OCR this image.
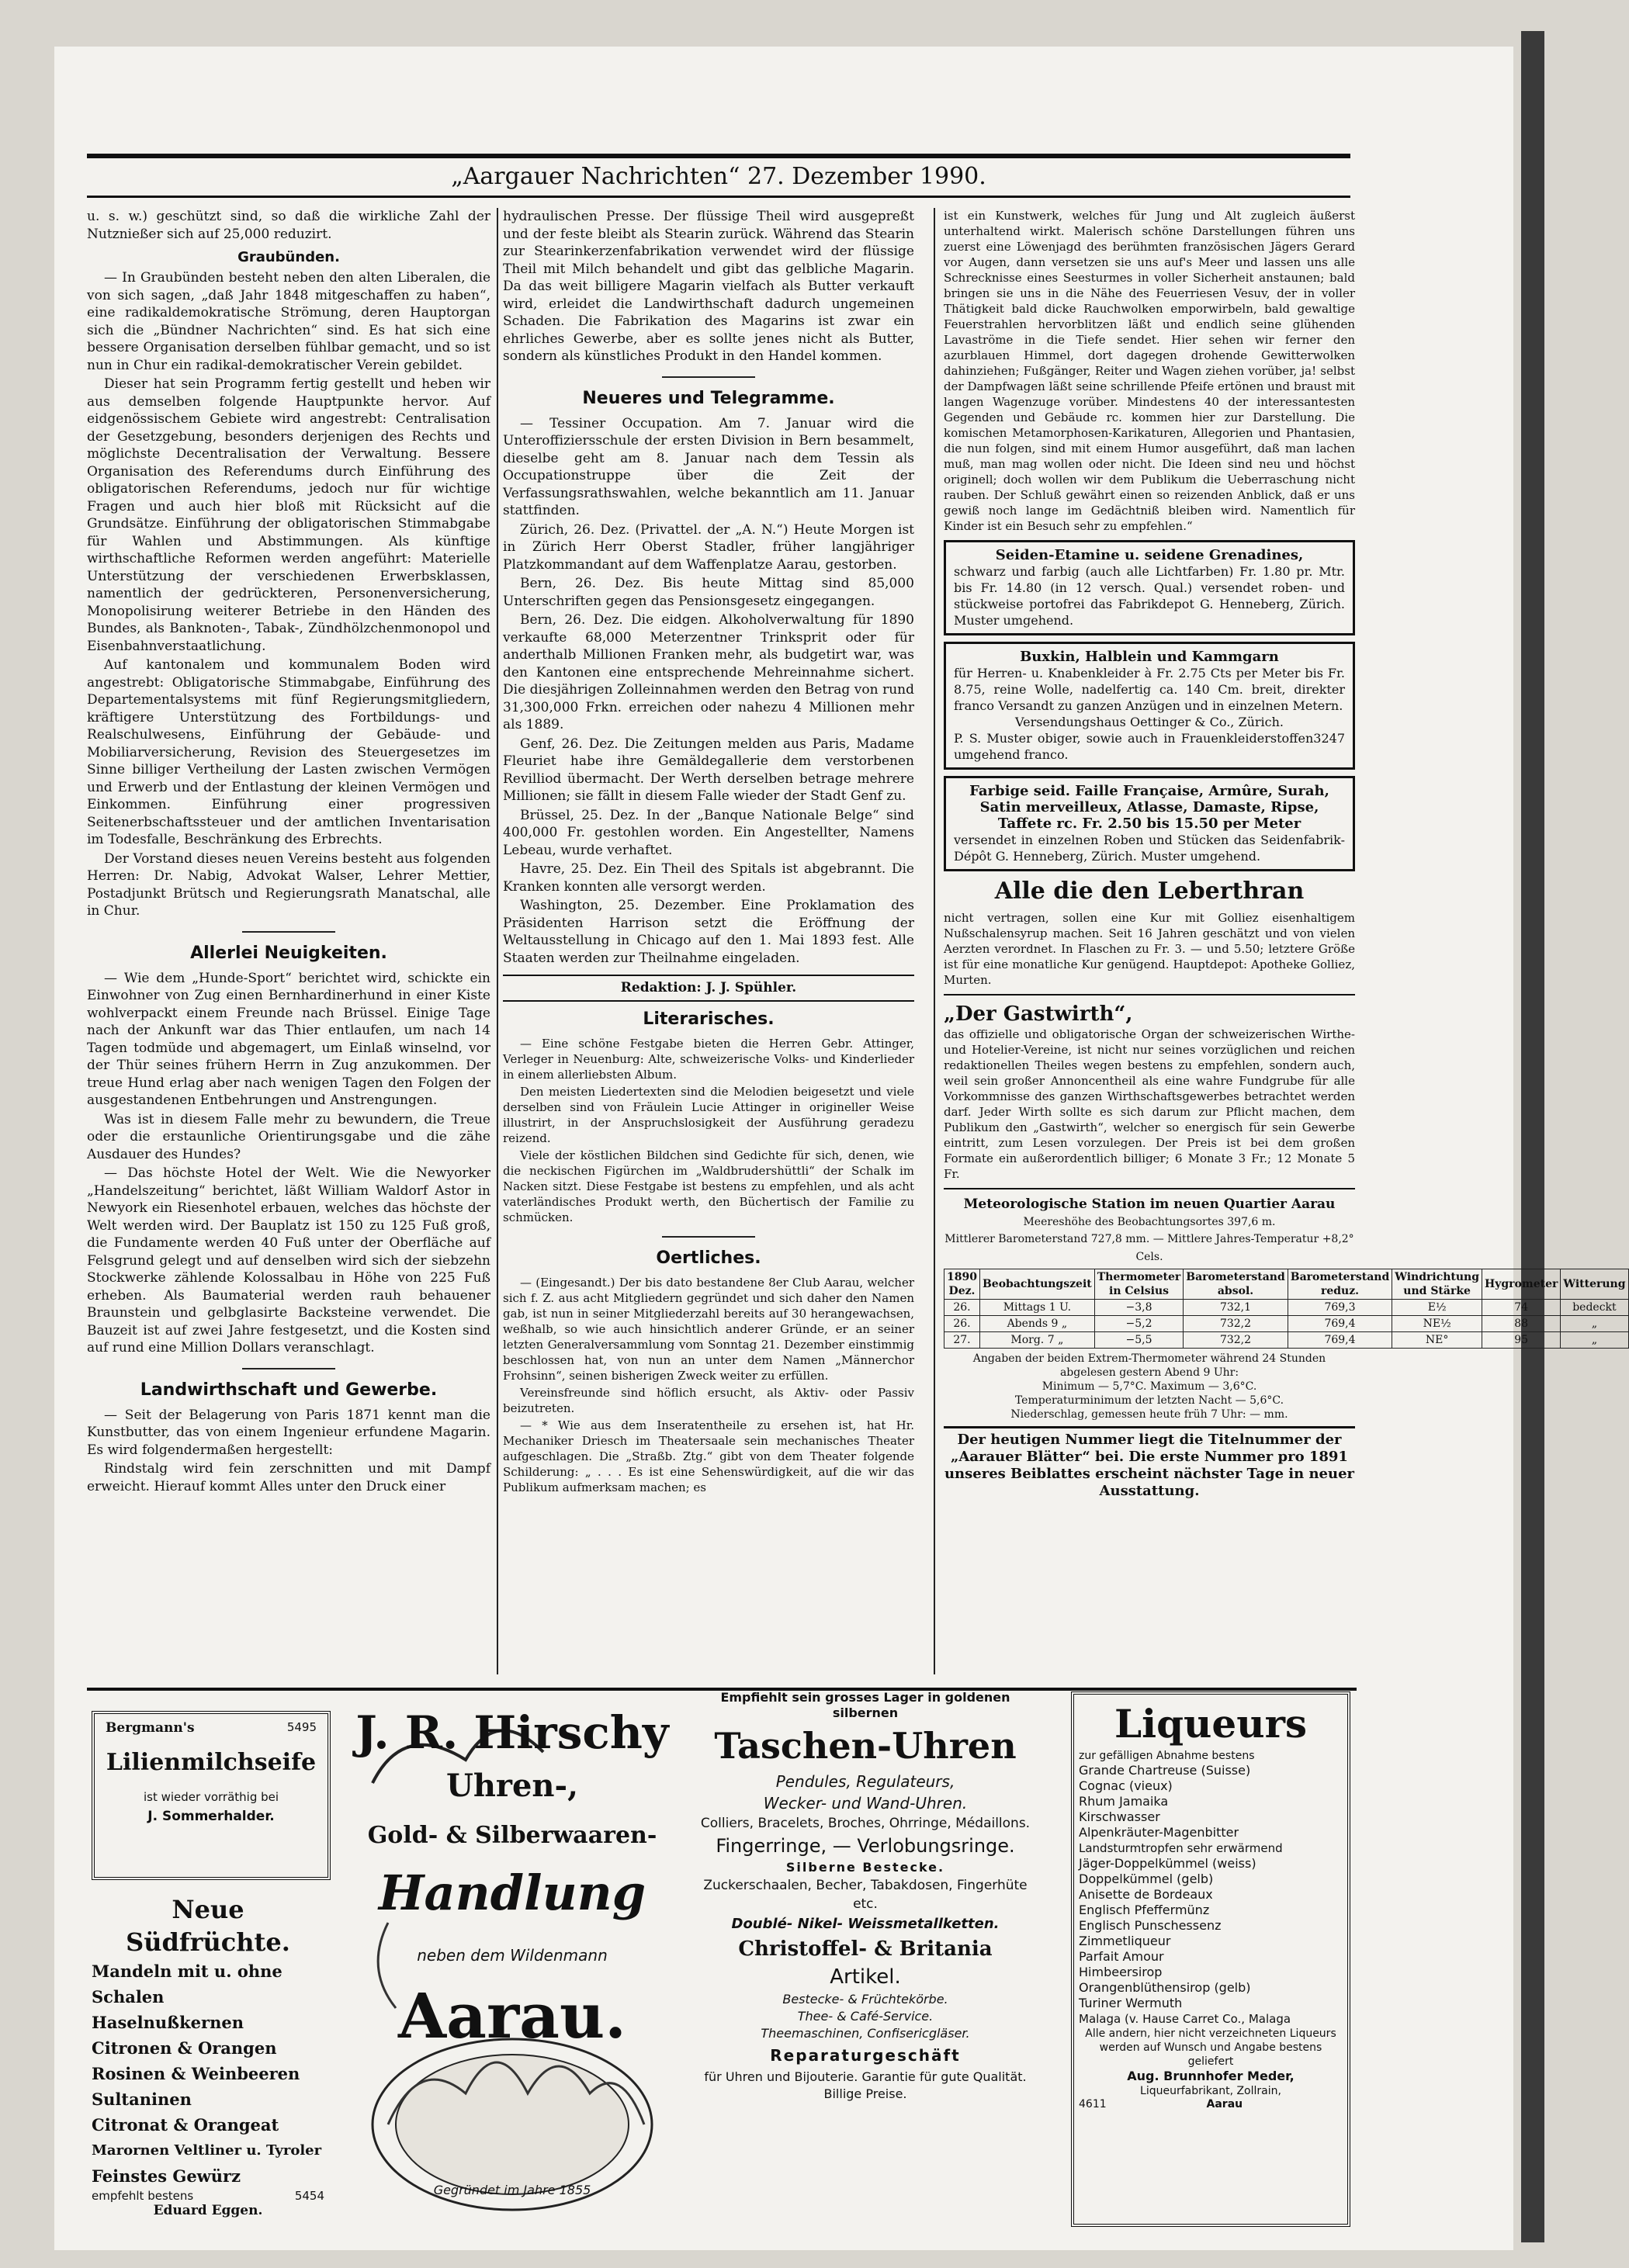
„Aargauer Nachrichten“ 27. Dezember 1990.

u. s. w.) geschützt sind, so daß die wirkliche Zahl der Nutznießer sich auf 25,000 reduzirt.

Graubünden.

— In Graubünden besteht neben den alten Liberalen, die von sich sagen, „daß Jahr 1848 mitgeschaffen zu haben“, eine radikaldemokratische Strömung, deren Hauptorgan sich die „Bündner Nachrichten“ sind. Es hat sich eine bessere Organisation derselben fühlbar gemacht, und so ist nun in Chur ein radikal-demokratischer Verein gebildet.

Dieser hat sein Programm fertig gestellt und heben wir aus demselben folgende Hauptpunkte hervor. Auf eidgenössischem Gebiete wird angestrebt: Centralisation der Gesetzgebung, besonders derjenigen des Rechts und möglichste Decentralisation der Verwaltung. Bessere Organisation des Referendums durch Einführung des obligatorischen Referendums, jedoch nur für wichtige Fragen und auch hier bloß mit Rücksicht auf die Grundsätze. Einführung der obligatorischen Stimmabgabe für Wahlen und Abstimmungen. Als künftige wirthschaftliche Reformen werden angeführt: Materielle Unterstützung der verschiedenen Erwerbsklassen, namentlich der gedrückteren, Personenversicherung, Monopolisirung weiterer Betriebe in den Händen des Bundes, als Banknoten-, Tabak-, Zündhölzchenmonopol und Eisenbahnverstaatlichung.

Auf kantonalem und kommunalem Boden wird angestrebt: Obligatorische Stimmabgabe, Einführung des Departementalsystems mit fünf Regierungsmitgliedern, kräftigere Unterstützung des Fortbildungs- und Realschulwesens, Einführung der Gebäude- und Mobiliarversicherung, Revision des Steuergesetzes im Sinne billiger Vertheilung der Lasten zwischen Vermögen und Erwerb und der Entlastung der kleinen Vermögen und Einkommen. Einführung einer progressiven Seitenerbschaftssteuer und der amtlichen Inventarisation im Todesfalle, Beschränkung des Erbrechts.

Der Vorstand dieses neuen Vereins besteht aus folgenden Herren: Dr. Nabig, Advokat Walser, Lehrer Mettier, Postadjunkt Brütsch und Regierungsrath Manatschal, alle in Chur.

Allerlei Neuigkeiten.

— Wie dem „Hunde-Sport“ berichtet wird, schickte ein Einwohner von Zug einen Bernhardinerhund in einer Kiste wohlverpackt einem Freunde nach Brüssel. Einige Tage nach der Ankunft war das Thier entlaufen, um nach 14 Tagen todmüde und abgemagert, um Einlaß winselnd, vor der Thür seines frühern Herrn in Zug anzukommen. Der treue Hund erlag aber nach wenigen Tagen den Folgen der ausgestandenen Entbehrungen und Anstrengungen.

Was ist in diesem Falle mehr zu bewundern, die Treue oder die erstaunliche Orientirungsgabe und die zähe Ausdauer des Hundes?

— Das höchste Hotel der Welt. Wie die Newyorker „Handelszeitung“ berichtet, läßt William Waldorf Astor in Newyork ein Riesenhotel erbauen, welches das höchste der Welt werden wird. Der Bauplatz ist 150 zu 125 Fuß groß, die Fundamente werden 40 Fuß unter der Oberfläche auf Felsgrund gelegt und auf denselben wird sich der siebzehn Stockwerke zählende Kolossalbau in Höhe von 225 Fuß erheben. Als Baumaterial werden rauh behauener Braunstein und gelbglasirte Backsteine verwendet. Die Bauzeit ist auf zwei Jahre festgesetzt, und die Kosten sind auf rund eine Million Dollars veranschlagt.

Landwirthschaft und Gewerbe.

— Seit der Belagerung von Paris 1871 kennt man die Kunstbutter, das von einem Ingenieur erfundene Magarin. Es wird folgendermaßen hergestellt:

Rindstalg wird fein zerschnitten und mit Dampf erweicht. Hierauf kommt Alles unter den Druck einer

hydraulischen Presse. Der flüssige Theil wird ausgepreßt und der feste bleibt als Stearin zurück. Während das Stearin zur Stearinkerzenfabrikation verwendet wird der flüssige Theil mit Milch behandelt und gibt das gelbliche Magarin. Da das weit billigere Magarin vielfach als Butter verkauft wird, erleidet die Landwirthschaft dadurch ungemeinen Schaden. Die Fabrikation des Magarins ist zwar ein ehrliches Gewerbe, aber es sollte jenes nicht als Butter, sondern als künstliches Produkt in den Handel kommen.

Neueres und Telegramme.

— Tessiner Occupation. Am 7. Januar wird die Unteroffiziersschule der ersten Division in Bern besammelt, dieselbe geht am 8. Januar nach dem Tessin als Occupationstruppe über die Zeit der Verfassungsrathswahlen, welche bekanntlich am 11. Januar stattfinden.

Zürich, 26. Dez. (Privattel. der „A. N.“) Heute Morgen ist in Zürich Herr Oberst Stadler, früher langjähriger Platzkommandant auf dem Waffenplatze Aarau, gestorben.

Bern, 26. Dez. Bis heute Mittag sind 85,000 Unterschriften gegen das Pensionsgesetz eingegangen.

Bern, 26. Dez. Die eidgen. Alkoholverwaltung für 1890 verkaufte 68,000 Meterzentner Trinksprit oder für anderthalb Millionen Franken mehr, als budgetirt war, was den Kantonen eine entsprechende Mehreinnahme sichert. Die diesjährigen Zolleinnahmen werden den Betrag von rund 31,300,000 Frkn. erreichen oder nahezu 4 Millionen mehr als 1889.

Genf, 26. Dez. Die Zeitungen melden aus Paris, Madame Fleuriet habe ihre Gemäldegallerie dem verstorbenen Revilliod übermacht. Der Werth derselben betrage mehrere Millionen; sie fällt in diesem Falle wieder der Stadt Genf zu.

Brüssel, 25. Dez. In der „Banque Nationale Belge“ sind 400,000 Fr. gestohlen worden. Ein Angestellter, Namens Lebeau, wurde verhaftet.

Havre, 25. Dez. Ein Theil des Spitals ist abgebrannt. Die Kranken konnten alle versorgt werden.

Washington, 25. Dezember. Eine Proklamation des Präsidenten Harrison setzt die Eröffnung der Weltausstellung in Chicago auf den 1. Mai 1893 fest. Alle Staaten werden zur Theilnahme eingeladen.

Redaktion: J. J. Spühler.
Literarisches.

— Eine schöne Festgabe bieten die Herren Gebr. Attinger, Verleger in Neuenburg: Alte, schweizerische Volks- und Kinderlieder in einem allerliebsten Album.

Den meisten Liedertexten sind die Melodien beigesetzt und viele derselben sind von Fräulein Lucie Attinger in origineller Weise illustrirt, in der Anspruchslosigkeit der Ausführung geradezu reizend.

Viele der köstlichen Bildchen sind Gedichte für sich, denen, wie die neckischen Figürchen im „Waldbrudershüttli“ der Schalk im Nacken sitzt. Diese Festgabe ist bestens zu empfehlen, und als acht vaterländisches Produkt werth, den Büchertisch der Familie zu schmücken.

Oertliches.

— (Eingesandt.) Der bis dato bestandene 8er Club Aarau, welcher sich f. Z. aus acht Mitgliedern gegründet und sich daher den Namen gab, ist nun in seiner Mitgliederzahl bereits auf 30 herangewachsen, weßhalb, so wie auch hinsichtlich anderer Gründe, er an seiner letzten Generalversammlung vom Sonntag 21. Dezember einstimmig beschlossen hat, von nun an unter dem Namen „Männerchor Frohsinn“, seinen bisherigen Zweck weiter zu erfüllen.

Vereinsfreunde sind höflich ersucht, als Aktiv- oder Passiv beizutreten.

— * Wie aus dem Inseratentheile zu ersehen ist, hat Hr. Mechaniker Driesch im Theatersaale sein mechanisches Theater aufgeschlagen. Die „Straßb. Ztg.“ gibt von dem Theater folgende Schilderung: „ . . . Es ist eine Sehenswürdigkeit, auf die wir das Publikum aufmerksam machen; es

ist ein Kunstwerk, welches für Jung und Alt zugleich äußerst unterhaltend wirkt. Malerisch schöne Darstellungen führen uns zuerst eine Löwenjagd des berühmten französischen Jägers Gerard vor Augen, dann versetzen sie uns auf's Meer und lassen uns alle Schrecknisse eines Seesturmes in voller Sicherheit anstaunen; bald bringen sie uns in die Nähe des Feuerriesen Vesuv, der in voller Thätigkeit bald dicke Rauchwolken emporwirbeln, bald gewaltige Feuerstrahlen hervorblitzen läßt und endlich seine glühenden Lavaströme in die Tiefe sendet. Hier sehen wir ferner den azurblauen Himmel, dort dagegen drohende Gewitterwolken dahinziehen; Fußgänger, Reiter und Wagen ziehen vorüber, ja! selbst der Dampfwagen läßt seine schrillende Pfeife ertönen und braust mit langen Wagenzuge vorüber. Mindestens 40 der interessantesten Gegenden und Gebäude rc. kommen hier zur Darstellung. Die komischen Metamorphosen-Karikaturen, Allegorien und Phantasien, die nun folgen, sind mit einem Humor ausgeführt, daß man lachen muß, man mag wollen oder nicht. Die Ideen sind neu und höchst originell; doch wollen wir dem Publikum die Ueberraschung nicht rauben. Der Schluß gewährt einen so reizenden Anblick, daß er uns gewiß noch lange im Gedächtniß bleiben wird. Namentlich für Kinder ist ein Besuch sehr zu empfehlen.“

Seiden-Etamine u. seidene Grenadines,
schwarz und farbig (auch alle Lichtfarben) Fr. 1.80 pr. Mtr. bis Fr. 14.80 (in 12 versch. Qual.) versendet roben- und stückweise portofrei das Fabrikdepot G. Henneberg, Zürich. Muster umgehend.
Buxkin, Halblein und Kammgarn
für Herren- u. Knabenkleider à Fr. 2.75 Cts per Meter bis Fr. 8.75, reine Wolle, nadelfertig ca. 140 Cm. breit, direkter franco Versandt zu ganzen Anzügen und in einzelnen Metern.
Versendungshaus Oettinger & Co., Zürich.
P. S. Muster obiger, sowie auch in Frauenkleiderstoffen umgehend franco.
3247
Farbige seid. Faille Française, Armûre, Surah, Satin merveilleux, Atlasse, Damaste, Ripse, Taffete rc. Fr. 2.50 bis 15.50 per Meter
versendet in einzelnen Roben und Stücken das Seidenfabrik-Dépôt G. Henneberg, Zürich. Muster umgehend.
Alle die den Leberthran
nicht vertragen, sollen eine Kur mit Golliez eisenhaltigem Nußschalensyrup machen. Seit 16 Jahren geschätzt und von vielen Aerzten verordnet. In Flaschen zu Fr. 3. — und 5.50; letztere Größe ist für eine monatliche Kur genügend. Hauptdepot: Apotheke Golliez, Murten.
„Der Gastwirth“,
das offizielle und obligatorische Organ der schweizerischen Wirthe- und Hotelier-Vereine, ist nicht nur seines vorzüglichen und reichen redaktionellen Theiles wegen bestens zu empfehlen, sondern auch, weil sein großer Annoncentheil als eine wahre Fundgrube für alle Vorkommnisse des ganzen Wirthschaftsgewerbes betrachtet werden darf. Jeder Wirth sollte es sich darum zur Pflicht machen, dem Publikum den „Gastwirth“, welcher so energisch für sein Gewerbe eintritt, zum Lesen vorzulegen. Der Preis ist bei dem großen Formate ein außerordentlich billiger; 6 Monate 3 Fr.; 12 Monate 5 Fr.
Meteorologische Station im neuen Quartier Aarau
Meereshöhe des Beobachtungsortes 397,6 m.
Mittlerer Barometerstand 727,8 mm. — Mittlere Jahres-Temperatur +8,2° Cels.
1890 Dez.	Beobachtungszeit	Thermometer in Celsius	Barometerstand absol.	Barometerstand reduz.	Windrichtung und Stärke	Hygrometer	Witterung
26.	Mittags 1 U.	−3,8	732,1	769,3	E½	74	bedeckt
26.	Abends 9 „	−5,2	732,2	769,4	NE½	88	„
27.	Morg. 7 „	−5,5	732,2	769,4	NE°	95	„
Angaben der beiden Extrem-Thermometer während 24 Stunden abgelesen gestern Abend 9 Uhr:
Minimum — 5,7°C. Maximum — 3,6°C.
Temperaturminimum der letzten Nacht — 5,6°C.
Niederschlag, gemessen heute früh 7 Uhr: — mm.
Der heutigen Nummer liegt die Titelnummer der „Aarauer Blätter“ bei. Die erste Nummer pro 1891 unseres Beiblattes erscheint nächster Tage in neuer Ausstattung.
Bergmann's	5495
Lilienmilchseife
ist wieder vorräthig bei
J. Sommerhalder.
Neue Südfrüchte.
Mandeln mit u. ohne Schalen
Haselnußkernen
Citronen & Orangen
Rosinen & Weinbeeren
Sultaninen
Citronat & Orangeat
Marornen Veltliner u. Tyroler
Feinstes Gewürz
empfehlt bestens	5454
Eduard Eggen.
J. R. Hirschy
Uhren-,
Gold- & Silberwaaren-
Handlung
neben dem Wildenmann
Aarau.
Gegründet im Jahre 1855
Empfiehlt sein grosses Lager in goldenen silbernen
Taschen-Uhren
Pendules, Regulateurs,
Wecker- und Wand-Uhren.
Colliers, Bracelets, Broches, Ohrringe, Médaillons.
Fingerringe, — Verlobungsringe.
Silberne Bestecke.
Zuckerschaalen, Becher, Tabakdosen, Fingerhüte etc.
Doublé- Nikel- Weissmetallketten.
Christoffel- & Britania
Artikel.
Bestecke- & Früchtekörbe.
Thee- & Café-Service.
Theemaschinen, Confisericgläser.
Reparaturgeschäft
für Uhren und Bijouterie. Garantie für gute Qualität. Billige Preise.
Liqueurs
zur gefälligen Abnahme bestens
Grande Chartreuse (Suisse)
Cognac (vieux)
Rhum Jamaika
Kirschwasser
Alpenkräuter-Magenbitter
Landsturmtropfen sehr erwärmend
Jäger-Doppelkümmel (weiss)
Doppelkümmel (gelb)
Anisette de Bordeaux
Englisch Pfeffermünz
Englisch Punschessenz
Zimmetliqueur
Parfait Amour
Himbeersirop
Orangenblüthensirop (gelb)
Turiner Wermuth
Malaga (v. Hause Carret Co., Malaga
Alle andern, hier nicht verzeichneten Liqueurs werden auf Wunsch und Angabe bestens geliefert
Aug. Brunnhofer Meder,
Liqueurfabrikant, Zollrain,
4611	Aarau
